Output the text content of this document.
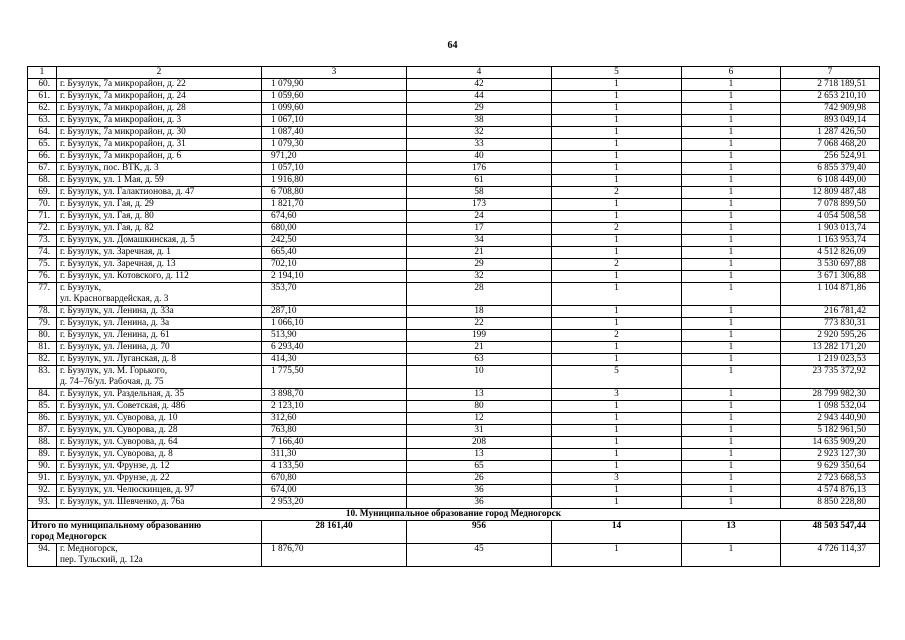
64
1	2	3	4	5	6	7
60.	г. Бузулук, 7а микрорайон, д. 22	1 079,90	42	1	1	2 718 189,51
61.	г. Бузулук, 7а микрорайон, д. 24	1 059,60	44	1	1	2 653 210,10
62.	г. Бузулук, 7а микрорайон, д. 28	1 099,60	29	1	1	742 909,98
63.	г. Бузулук, 7а микрорайон, д. 3	1 067,10	38	1	1	893 049,14
64.	г. Бузулук, 7а микрорайон, д. 30	1 087,40	32	1	1	1 287 426,50
65.	г. Бузулук, 7а микрорайон, д. 31	1 079,30	33	1	1	7 068 468,20
66.	г. Бузулук, 7а микрорайон, д. 6	971,20	40	1	1	256 524,91
67.	г. Бузулук, пос. ВТК, д. 3	1 057,10	176	1	1	6 855 379,40
68.	г. Бузулук, ул. 1 Мая, д. 59	1 916,80	61	1	1	6 108 449,00
69.	г. Бузулук, ул. Галактионова, д. 47	6 708,80	58	2	1	12 809 487,48
70.	г. Бузулук, ул. Гая, д. 29	1 821,70	173	1	1	7 078 899,50
71.	г. Бузулук, ул. Гая, д. 80	674,60	24	1	1	4 054 508,58
72.	г. Бузулук, ул. Гая, д. 82	680,00	17	2	1	1 903 013,74
73.	г. Бузулук, ул. Домашкинская, д. 5	242,50	34	1	1	1 163 953,74
74.	г. Бузулук, ул. Заречная, д. 1	665,40	21	1	1	4 512 826,09
75.	г. Бузулук, ул. Заречная, д. 13	702,10	29	2	1	3 530 697,88
76.	г. Бузулук, ул. Котовского, д. 112	2 194,10	32	1	1	3 671 306,88
77.	г. Бузулук,
ул. Красногвардейская, д. 3	353,70	28	1	1	1 104 871,86
78.	г. Бузулук, ул. Ленина, д. 33а	287,10	18	1	1	216 781,42
79.	г. Бузулук, ул. Ленина, д. 3а	1 066,10	22	1	1	773 830,31
80.	г. Бузулук, ул. Ленина, д. 61	513,90	199	2	1	2 920 595,26
81.	г. Бузулук, ул. Ленина, д. 70	6 293,40	21	1	1	13 282 171,20
82.	г. Бузулук, ул. Луганская, д. 8	414,30	63	1	1	1 219 023,53
83.	г. Бузулук, ул. М. Горького,
д. 74–76/ул. Рабочая, д. 75	1 775,50	10	5	1	23 735 372,92
84.	г. Бузулук, ул. Раздельная, д. 35	3 898,70	13	3	1	28 799 982,30
85.	г. Бузулук, ул. Советская, д. 486	2 123,10	80	1	1	1 098 532,04
86.	г. Бузулук, ул. Суворова, д. 10	312,60	12	1	1	2 943 440,90
87.	г. Бузулук, ул. Суворова, д. 28	763,80	31	1	1	5 182 961,50
88.	г. Бузулук, ул. Суворова, д. 64	7 166,40	208	1	1	14 635 909,20
89.	г. Бузулук, ул. Суворова, д. 8	311,30	13	1	1	2 923 127,30
90.	г. Бузулук, ул. Фрунзе, д. 12	4 133,50	65	1	1	9 629 350,64
91.	г. Бузулук, ул. Фрунзе, д. 22	670,80	26	3	1	2 723 668,53
92.	г. Бузулук, ул. Челюскинцев, д. 97	674,00	36	1	1	4 574 876,13
93.	г. Бузулук, ул. Шевченко, д. 76а	2 953,20	36	1	1	8 850 228,80
10. Муниципальное образование город Медногорск						

Итого по муниципальному образованию
город Медногорск		28 161,40	956	14	13	48 503 547,44
94.	г. Медногорск,
пер. Тульский, д. 12а	1 876,70	45	1	1	4 726 114,37
